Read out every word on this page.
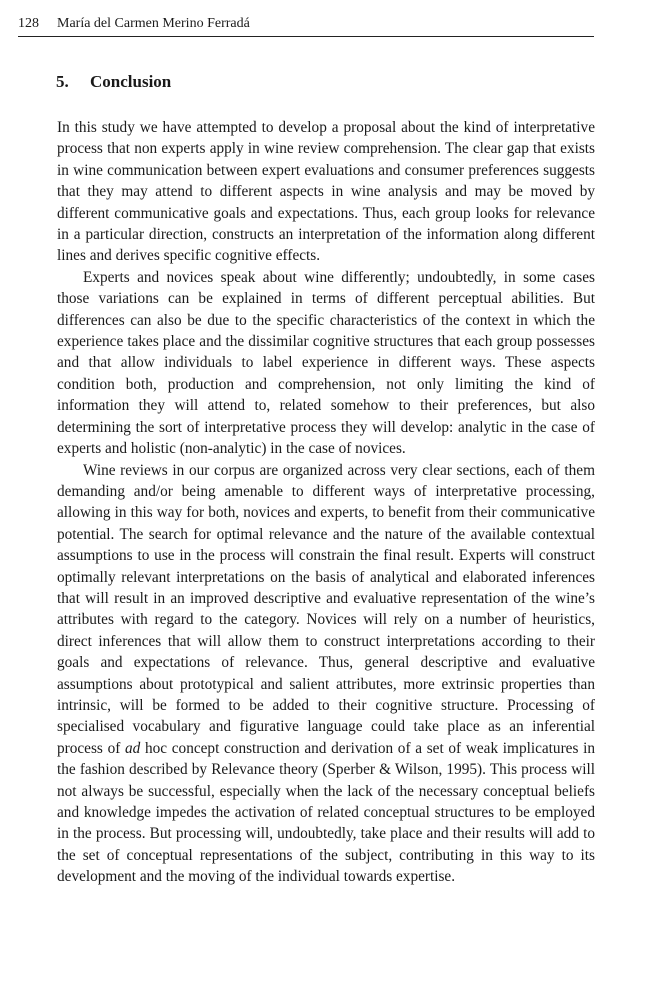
128 María del Carmen Merino Ferradá
5. Conclusion

In this study we have attempted to develop a proposal about the kind of interpretative process that non experts apply in wine review comprehension. The clear gap that exists in wine communication between expert evaluations and consumer preferences suggests that they may attend to different aspects in wine analysis and may be moved by different communicative goals and expectations. Thus, each group looks for relevance in a particular direction, constructs an interpretation of the information along different lines and derives specific cognitive effects.

Experts and novices speak about wine differently; undoubtedly, in some cases those variations can be explained in terms of different perceptual abilities. But differences can also be due to the specific characteristics of the context in which the experience takes place and the dissimilar cognitive structures that each group possesses and that allow individuals to label experience in different ways. These aspects condition both, production and comprehension, not only limiting the kind of information they will attend to, related somehow to their preferences, but also determining the sort of interpretative process they will develop: analytic in the case of experts and holistic (non-analytic) in the case of novices.

Wine reviews in our corpus are organized across very clear sections, each of them demanding and/or being amenable to different ways of interpretative processing, allowing in this way for both, novices and experts, to benefit from their communicative potential. The search for optimal relevance and the nature of the available contextual assumptions to use in the process will constrain the final result. Experts will construct optimally relevant interpretations on the basis of analytical and elaborated inferences that will result in an improved descriptive and evaluative representation of the wine’s attributes with regard to the category. Novices will rely on a number of heuristics, direct inferences that will allow them to construct interpretations according to their goals and expectations of relevance. Thus, general descriptive and evaluative assumptions about prototypical and salient attributes, more extrinsic properties than intrinsic, will be formed to be added to their cognitive structure. Processing of specialised vocabulary and figurative language could take place as an inferential process of ad hoc concept construction and derivation of a set of weak implicatures in the fashion described by Relevance theory (Sperber & Wilson, 1995). This process will not always be successful, especially when the lack of the necessary conceptual beliefs and knowledge impedes the activation of related conceptual structures to be employed in the process. But processing will, undoubtedly, take place and their results will add to the set of conceptual representations of the subject, contributing in this way to its development and the moving of the individual towards expertise.
